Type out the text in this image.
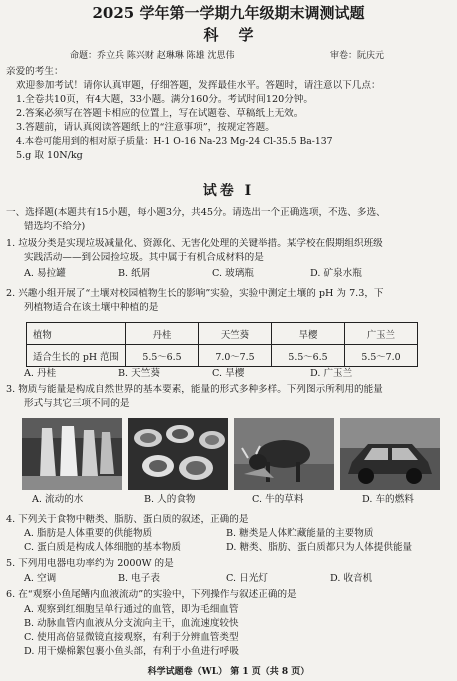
2025 学年第一学期九年级期末调测试题
科学
命题：乔立兵 陈兴财 赵琳琳 陈雄 沈思伟	审卷：阮庆元
亲爱的考生：
欢迎参加考试！请你认真审题，仔细答题，发挥最佳水平。答题时，请注意以下几点：
1.全卷共10页，有4大题，33小题。满分160分。考试时间120分钟。
2.答案必须写在答题卡相应的位置上，写在试题卷、草稿纸上无效。
3.答题前，请认真阅读答题纸上的“注意事项”，按规定答题。
4.本卷可能用到的相对原子质量：H-1 O-16 Na-23 Mg-24 Cl-35.5 Ba-137
5.g 取 10N/kg
试卷 I
一、选择题(本题共有15小题，每小题3分，共45分。请选出一个正确选项，不选、多选、
错选均不给分)
1. 垃圾分类是实现垃圾减量化、资源化、无害化处理的关键举措。某学校在假期组织班级
实践活动——到公园捡垃圾。其中属于有机合成材料的是
A. 易拉罐	B. 纸屑	C. 玻璃瓶	D. 矿泉水瓶
2. 兴趣小组开展了“土壤对校园植物生长的影响”实验，实验中测定土壤的 pH 为 7.3，下
列植物适合在该土壤中种植的是
植物	丹桂	天竺葵	旱樱	广玉兰
适合生长的 pH 范围	5.5～6.5	7.0～7.5	5.5～6.5	5.5～7.0
A. 丹桂	B. 天竺葵	C. 旱樱	D. 广玉兰
3. 物质与能量是构成自然世界的基本要素，能量的形式多种多样。下列图示所利用的能量
形式与其它三项不同的是
A. 流动的水	B. 人的食物	C. 牛的草料	D. 车的燃料
4. 下列关于食物中糖类、脂肪、蛋白质的叙述，正确的是
A. 脂肪是人体重要的供能物质	B. 糖类是人体贮藏能量的主要物质
C. 蛋白质是构成人体细胞的基本物质	D. 糖类、脂肪、蛋白质都只为人体提供能量
5. 下列用电器电功率约为 2000W 的是
A. 空调	B. 电子表	C. 日光灯	D. 收音机
6. 在“观察小鱼尾鳍内血液流动”的实验中，下列操作与叙述正确的是
A. 观察到红细胞呈单行通过的血管，即为毛细血管
B. 动脉血管内血液从分支流向主干，血流速度较快
C. 使用高倍显微镜直接观察，有利于分辨血管类型
D. 用干燥棉絮包裹小鱼头部，有利于小鱼进行呼吸
科学试题卷（WL） 第 1 页（共 8 页）
